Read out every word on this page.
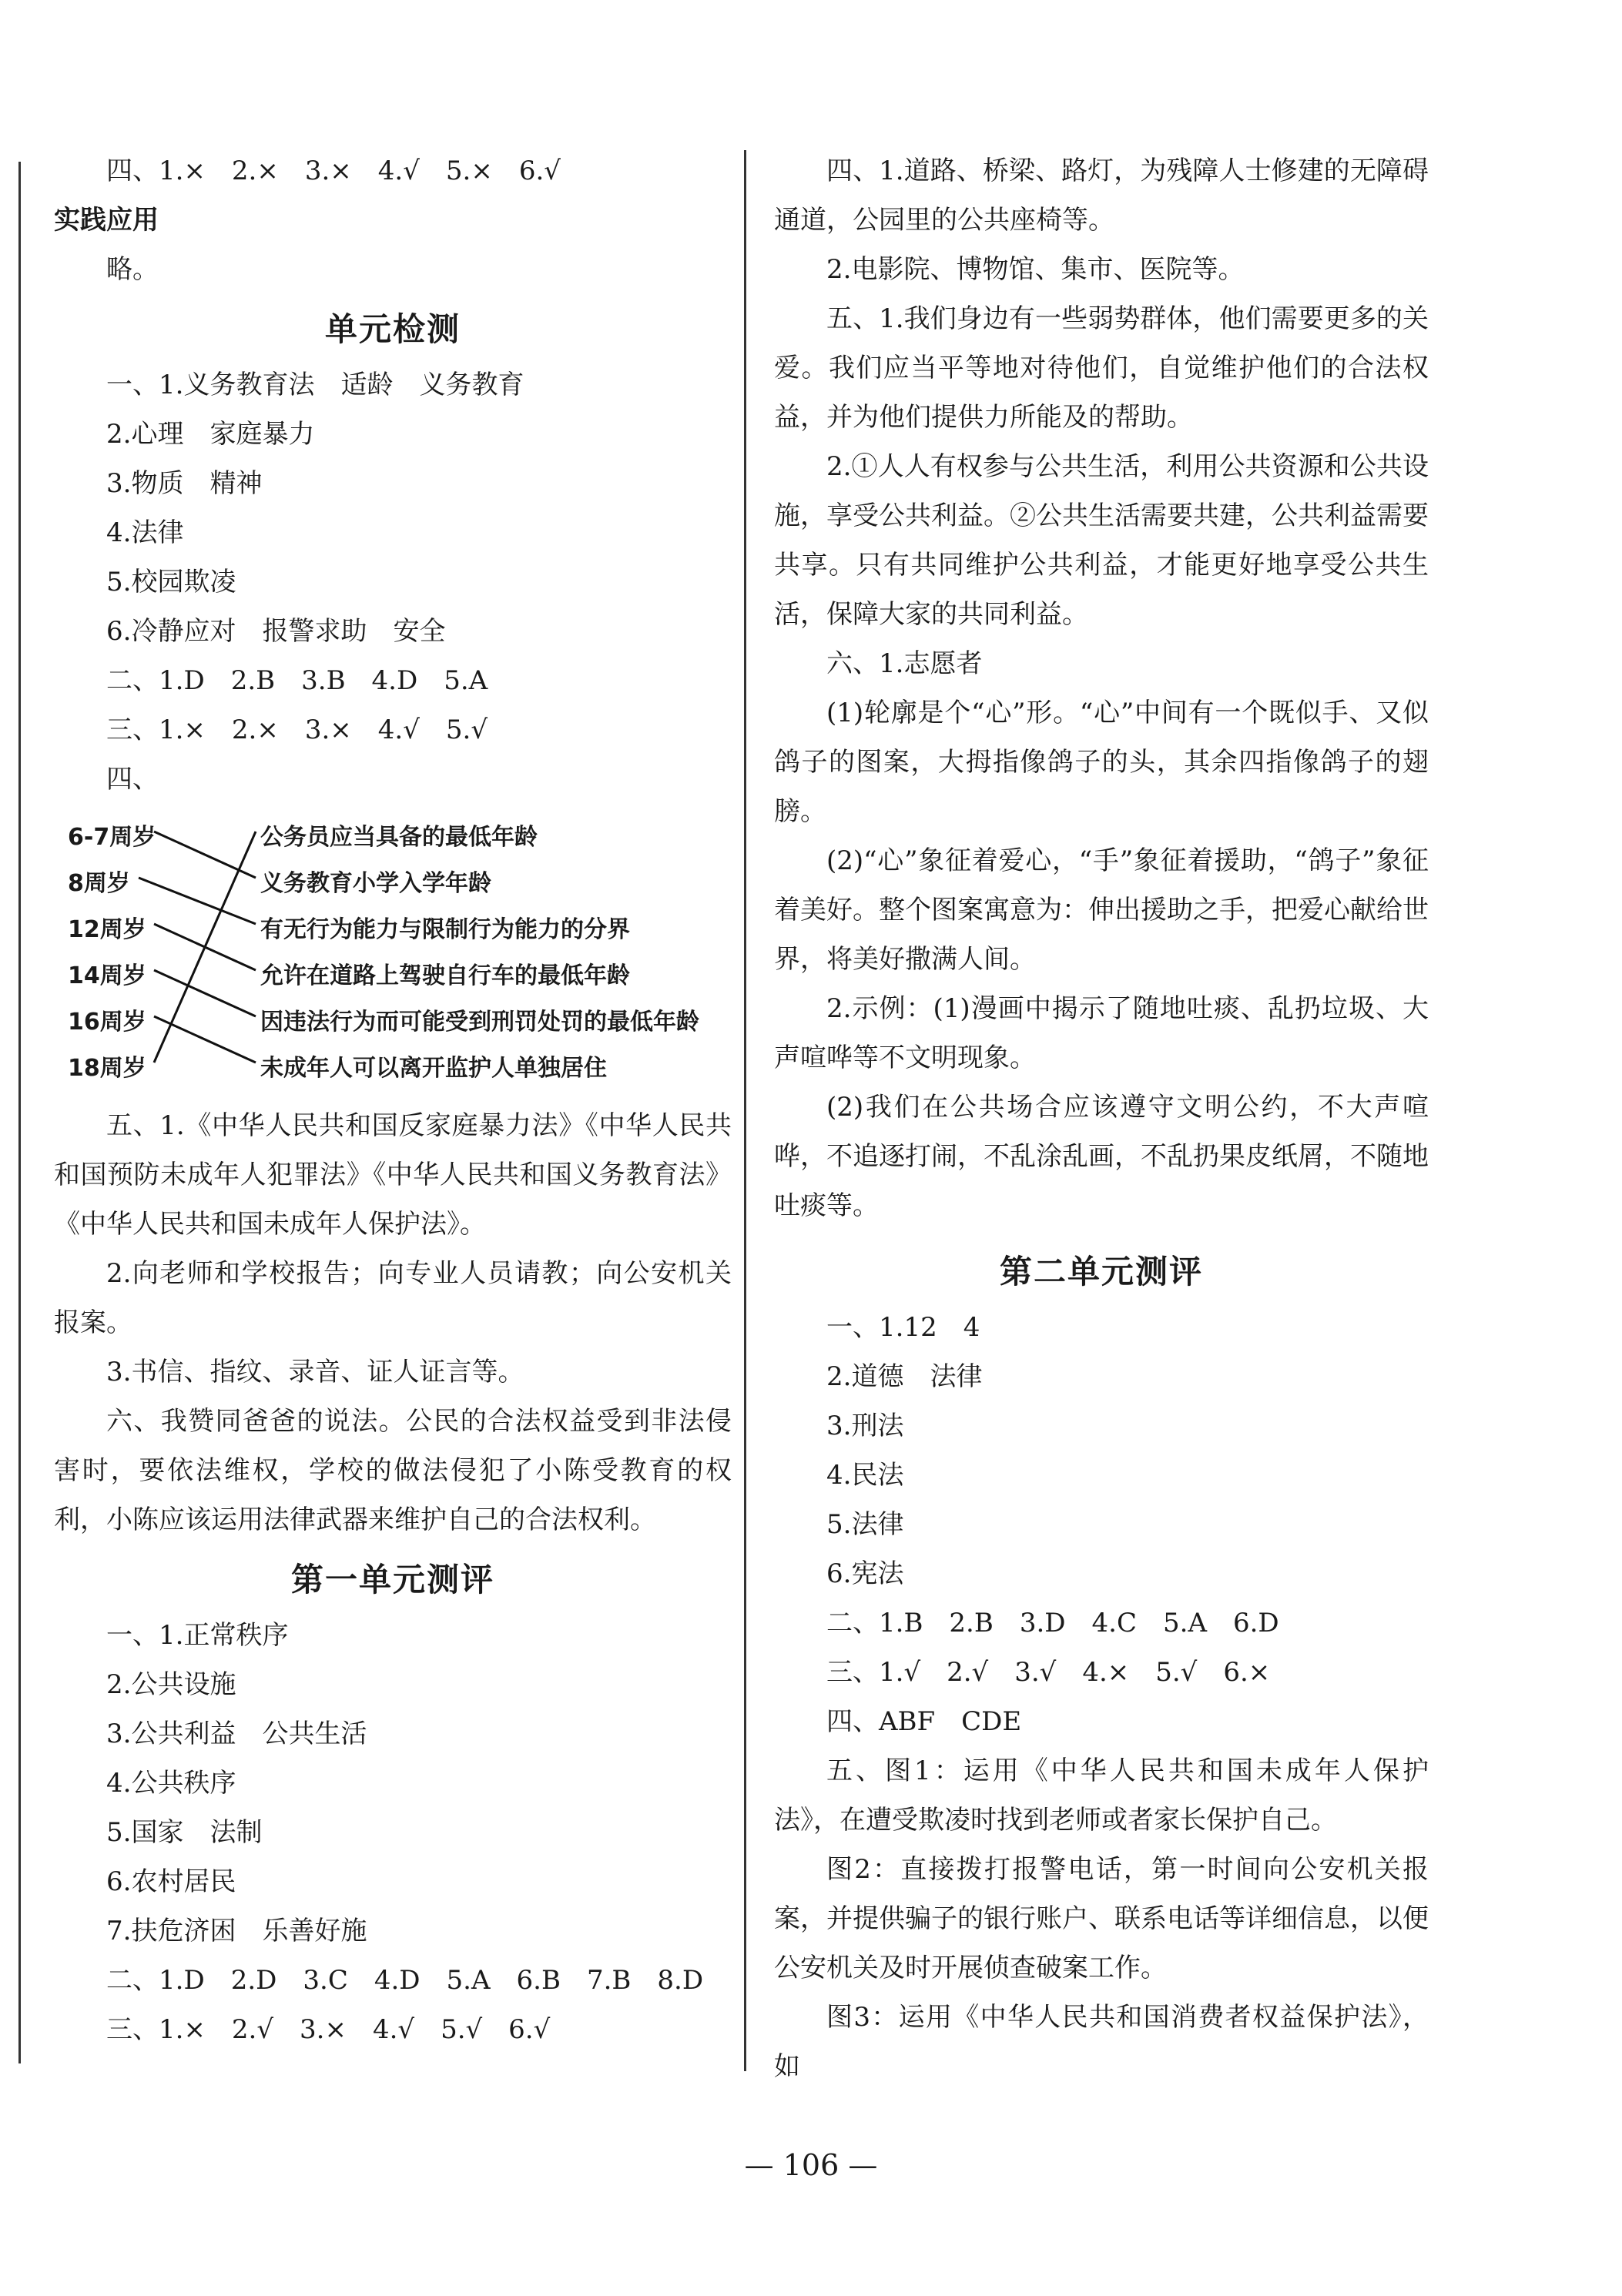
四、1.×　2.×　3.×　4.√　5.×　6.√
实践应用
略。
单元检测
一、1.义务教育法　适龄　义务教育
2.心理　家庭暴力
3.物质　精神
4.法律
5.校园欺凌
6.冷静应对　报警求助　安全
二、1.D　2.B　3.B　4.D　5.A
三、1.×　2.×　3.×　4.√　5.√
四、
6-7周岁
8周岁
12周岁
14周岁
16周岁
18周岁
公务员应当具备的最低年龄
义务教育小学入学年龄
有无行为能力与限制行为能力的分界
允许在道路上驾驶自行车的最低年龄
因违法行为而可能受到刑罚处罚的最低年龄
未成年人可以离开监护人单独居住
五、1.《中华人民共和国反家庭暴力法》《中华人民共和国预防未成年人犯罪法》《中华人民共和国义务教育法》《中华人民共和国未成年人保护法》。
2.向老师和学校报告；向专业人员请教；向公安机关报案。
3.书信、指纹、录音、证人证言等。
六、我赞同爸爸的说法。公民的合法权益受到非法侵害时，要依法维权，学校的做法侵犯了小陈受教育的权利，小陈应该运用法律武器来维护自己的合法权利。
第一单元测评
一、1.正常秩序
2.公共设施
3.公共利益　公共生活
4.公共秩序
5.国家　法制
6.农村居民
7.扶危济困　乐善好施
二、1.D　2.D　3.C　4.D　5.A　6.B　7.B　8.D
三、1.×　2.√　3.×　4.√　5.√　6.√
四、1.道路、桥梁、路灯，为残障人士修建的无障碍通道，公园里的公共座椅等。
2.电影院、博物馆、集市、医院等。
五、1.我们身边有一些弱势群体，他们需要更多的关爱。我们应当平等地对待他们，自觉维护他们的合法权益，并为他们提供力所能及的帮助。
2.①人人有权参与公共生活，利用公共资源和公共设施，享受公共利益。②公共生活需要共建，公共利益需要共享。只有共同维护公共利益，才能更好地享受公共生活，保障大家的共同利益。
六、1.志愿者
(1)轮廓是个“心”形。“心”中间有一个既似手、又似鸽子的图案，大拇指像鸽子的头，其余四指像鸽子的翅膀。
(2)“心”象征着爱心，“手”象征着援助，“鸽子”象征着美好。整个图案寓意为：伸出援助之手，把爱心献给世界，将美好撒满人间。
2.示例：(1)漫画中揭示了随地吐痰、乱扔垃圾、大声喧哗等不文明现象。
(2)我们在公共场合应该遵守文明公约，不大声喧哗，不追逐打闹，不乱涂乱画，不乱扔果皮纸屑，不随地吐痰等。
第二单元测评
一、1.12　4
2.道德　法律
3.刑法
4.民法
5.法律
6.宪法
二、1.B　2.B　3.D　4.C　5.A　6.D
三、1.√　2.√　3.√　4.×　5.√　6.×
四、ABF　CDE
五、图1：运用《中华人民共和国未成年人保护法》，在遭受欺凌时找到老师或者家长保护自己。
图2：直接拨打报警电话，第一时间向公安机关报案，并提供骗子的银行账户、联系电话等详细信息，以便公安机关及时开展侦查破案工作。
图3：运用《中华人民共和国消费者权益保护法》，如
— 106 —
